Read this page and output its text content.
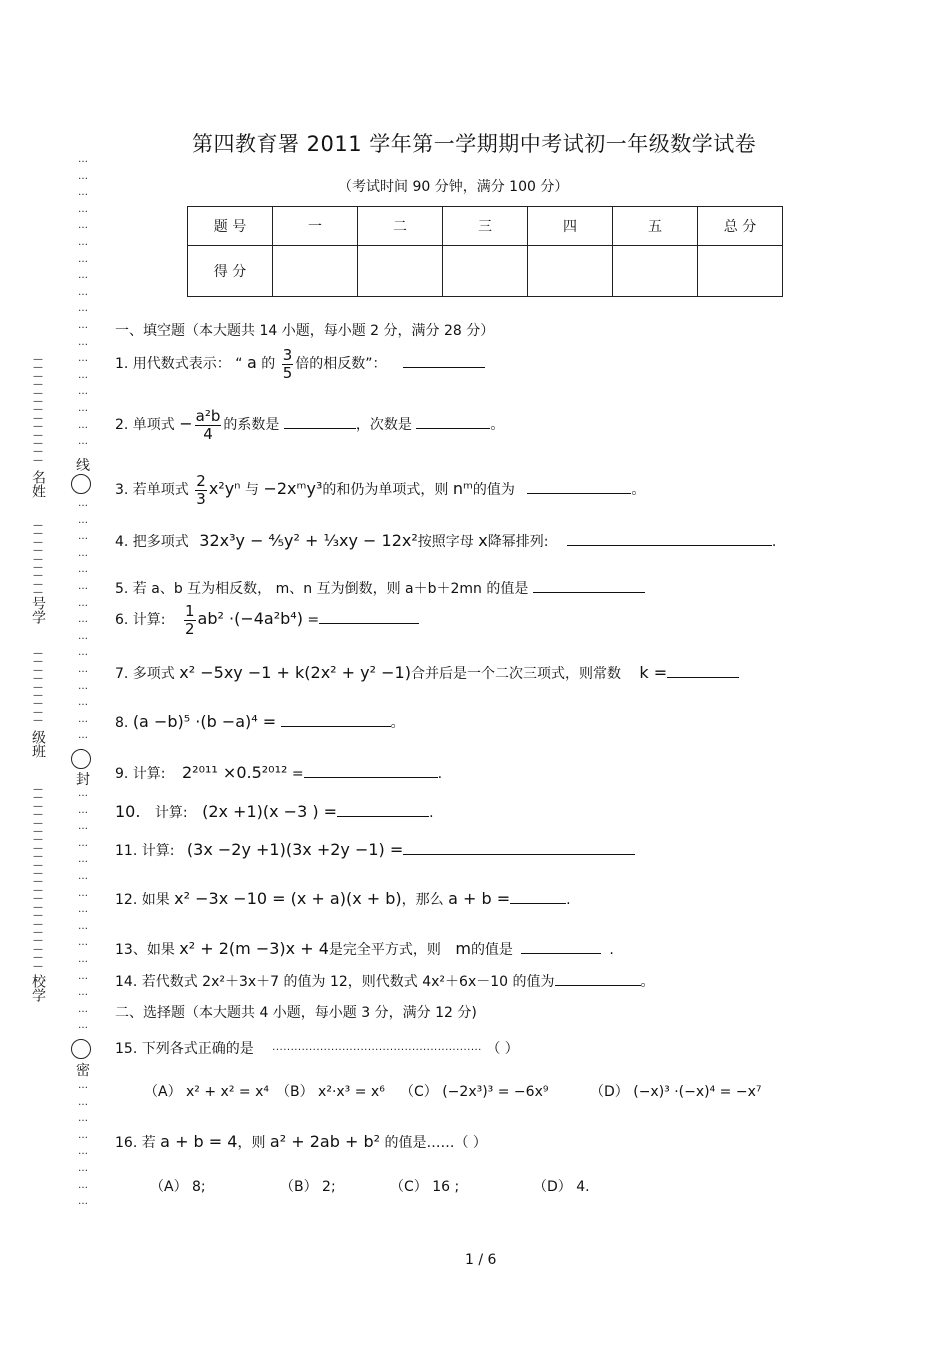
第四教育署 2011 学年第一学期期中考试初一年级数学试卷
（考试时间 90 分钟，满分 100 分）
题 号	一	二	三	四	五	总 分
得 分						
…
…
…
…
…
…
…
…
…
…
…
…
…
…
…
…
…
…
线
…
…
…
…
…
…
…
…
…
…
…
…
…
…
…
封
…
…
…
…
…
…
…
…
…
…
…
…
…
…
…
密
…
…
…
…
…
…
…
…
—
—
—
—
—
—
—
—
—
—
—
—
—
名姓
—
—
—
—
—
—
—
—
—
号学
—
—
—
—
—
—
—
—
—
级班
—
—
—
—
—
—
—
—
—
—
—
—
—
—
—
—
—
—
—
—
—
—
校学
一、填空题（本大题共 14 小题，每小题 2 分，满分 28 分）
1. 用代数式表示： “ a 的 $\frac{3}{5}$ 倍的相反数”：
2. 单项式 − $\frac{\text{a²b}}{4}$ 的系数是	，次数是	。
3. 若单项式 $\frac{2}{3} x^2y^n$ 与 −2xᵐy³的和仍为单项式，则 nᵐ的值为	。
4. 把多项式 32x³y − ⁴⁄₅y² + ¹⁄₃xy − 12x²按照字母 x降幂排列:	.
5. 若 a、b 互为相反数， m、n 互为倒数，则 a＋b＋2mn 的值是
6. 计算: $\frac{1}{2} ab^2 \cdot(-4a^2b^4)$ =
7. 多项式 x² −5xy −1 + k(2x² + y² −1)合并后是一个二次三项式，则常数 k =
8. (a −b)⁵ ·(b −a)⁴ =	。
9. 计算: 2²⁰¹¹ ×0.5²⁰¹² =	.
10. 计算: (2x +1)(x −3 ) =	.
11. 计算: (3x −2y +1)(3x +2y −1) =
12. 如果 x² −3x −10 = (x + a)(x + b)，那么 a + b =	.
13、如果 x² + 2(m −3)x + 4是完全平方式，则 m的值是	.
14. 若代数式 2x²＋3x＋7 的值为 12，则代数式 4x²＋6x－10 的值为	。
二、选择题（本大题共 4 小题，每小题 3 分，满分 12 分)
15. 下列各式正确的是 ························································· （ ）
（A） x² + x² = x⁴ （B） x²·x³ = x⁶ （C） (−2x³)³ = −6x⁹	（D） (−x)³ ·(−x)⁴ = −x⁷
16. 若 a + b = 4，则 a² + 2ab + b² 的值是……（ ）
（A） 8;	（B） 2;	（C） 16 ;	（D） 4.
1 / 6
